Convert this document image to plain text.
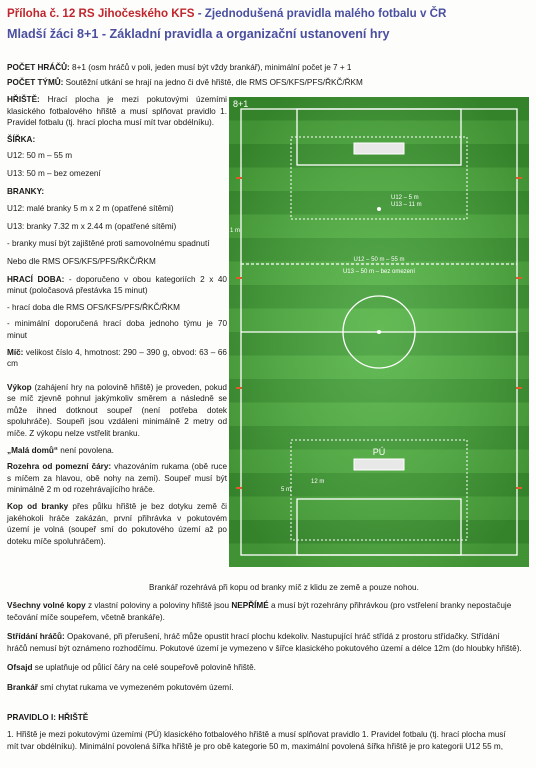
Příloha č. 12 RS Jihočeského KFS - Zjednodušená pravidla malého fotbalu v ČR
Mladší žáci 8+1 - Základní pravidla a organizační ustanovení hry
POČET HRÁČŮ: 8+1 (osm hráčů v poli, jeden musí být vždy brankář), minimální počet je 7 + 1
POČET TÝMŮ: Soutěžní utkání se hrají na jedno či dvě hřiště, dle RMS OFS/KFS/PFS/ŘKČ/ŘKM

HŘIŠTĚ: Hrací plocha je mezi pokutovými územími klasického fotbalového hřiště a musí splňovat pravidlo 1. Pravidel fotbalu (tj. hrací plocha musí mít tvar obdélníku).

ŠÍŘKA:

U12: 50 m – 55 m

U13: 50 m – bez omezení

BRANKY:

U12: malé branky 5 m x 2 m (opatřené sítěmi)

U13: branky 7.32 m x 2.44 m (opatřené sítěmi)

- branky musí být zajištěné proti samovolnému spadnutí

Nebo dle RMS OFS/KFS/PFS/ŘKČ/ŘKM

HRACÍ DOBA: - doporučeno v obou kategoriích 2 x 40 minut (poločasová přestávka 15 minut)

- hrací doba dle RMS OFS/KFS/PFS/ŘKČ/ŘKM

- minimální doporučená hrací doba jednoho týmu je 70 minut

Míč: velikost číslo 4, hmotnost: 290 – 390 g, obvod: 63 – 66 cm

Výkop (zahájení hry na polovině hřiště) je proveden, pokud se míč zjevně pohnul jakýmkoliv směrem a následně se může ihned dotknout soupeř (není potřeba dotek spoluhráče). Soupeři jsou vzdáleni minimálně 2 metry od míče. Z výkopu nelze vstřelit branku.

„Malá domů“ není povolena.

Rozehra od pomezní čáry: vhazováním rukama (obě ruce s míčem za hlavou, obě nohy na zemi). Soupeř musí být minimálně 2 m od rozehrávajícího hráče.

Kop od branky přes půlku hřiště je bez dotyku země či jakéhokoli hráče zakázán, první přihrávka v pokutovém území je volná (soupeř smí do pokutového území až po doteku míče spoluhráčem).

8+1
U12 – 5 m
U13 – 11 m
U12 – 50 m – 55 m
U13 – 50 m – bez omezení
PÚ
12 m
5 m
1 m

Brankář rozehrává při kopu od branky míč z klidu ze země a pouze nohou.

Všechny volné kopy z vlastní poloviny a poloviny hřiště jsou NEPŘÍMÉ a musí být rozehrány přihrávkou (pro vstřelení branky nepostačuje

tečování míče soupeřem, včetně brankáře).

Střídání hráčů: Opakované, při přerušení, hráč může opustit hrací plochu kdekoliv. Nastupující hráč střídá z prostoru střídačky. Střídání

hráčů nemusí být oznámeno rozhodčímu. Pokutové území je vymezeno v šířce klasického pokutového území a délce 12m (do hloubky hřiště).

Ofsajd se uplatňuje od půlicí čáry na celé soupeřově polovině hřiště.

Brankář smí chytat rukama ve vymezeném pokutovém území.

PRAVIDLO I: HŘIŠTĚ

1. Hřiště je mezi pokutovými územími (PÚ) klasického fotbalového hřiště a musí splňovat pravidlo 1. Pravidel fotbalu (tj. hrací plocha musí

mít tvar obdélníku). Minimální povolená šířka hřiště je pro obě kategorie 50 m, maximální povolená šířka hřiště je pro kategorii U12 55 m,
